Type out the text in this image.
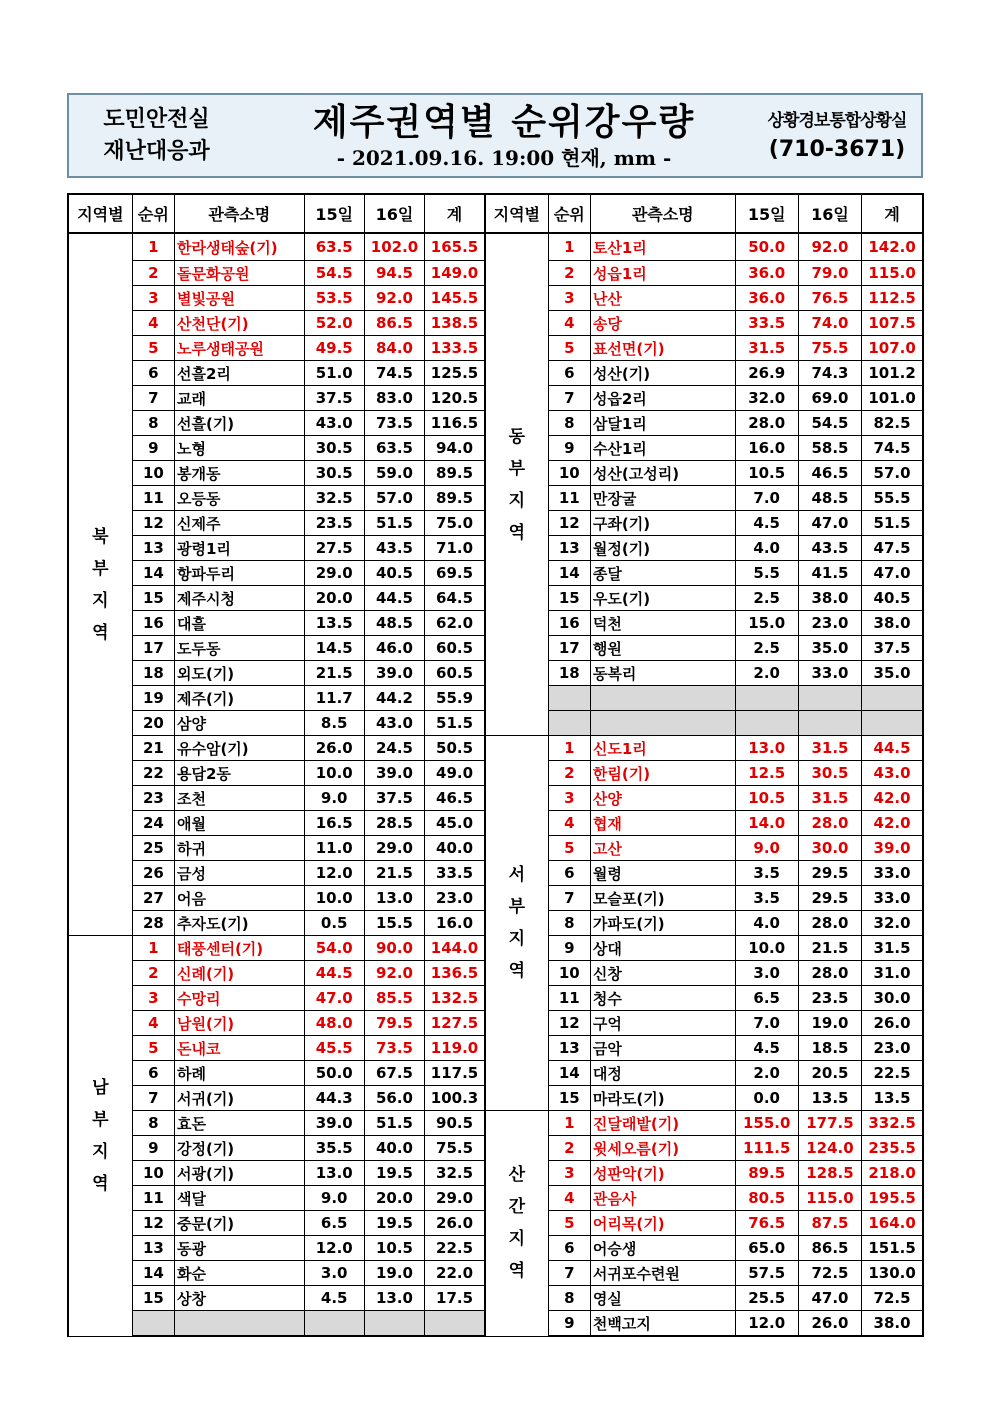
도민안전실
재난대응과
제주권역별 순위강우량
- 2021.09.16. 19:00 현재, mm -
상황경보통합상황실
(710-3671)
지역별	순위	관측소명	15일	16일	계	지역별	순위	관측소명	15일	16일	계
북부지역	1	한라생태숲(기)	63.5	102.0	165.5	동부지역	1	토산1리	50.0	92.0	142.0
	2	돌문화공원	54.5	94.5	149.0		2	성읍1리	36.0	79.0	115.0
	3	별빛공원	53.5	92.0	145.5		3	난산	36.0	76.5	112.5
	4	산천단(기)	52.0	86.5	138.5		4	송당	33.5	74.0	107.5
	5	노루생태공원	49.5	84.0	133.5		5	표선면(기)	31.5	75.5	107.0
	6	선흘2리	51.0	74.5	125.5		6	성산(기)	26.9	74.3	101.2
	7	교래	37.5	83.0	120.5		7	성읍2리	32.0	69.0	101.0
	8	선흘(기)	43.0	73.5	116.5		8	삼달1리	28.0	54.5	82.5
	9	노형	30.5	63.5	94.0		9	수산1리	16.0	58.5	74.5
	10	봉개동	30.5	59.0	89.5		10	성산(고성리)	10.5	46.5	57.0
	11	오등동	32.5	57.0	89.5		11	만장굴	7.0	48.5	55.5
	12	신제주	23.5	51.5	75.0		12	구좌(기)	4.5	47.0	51.5
	13	광령1리	27.5	43.5	71.0		13	월정(기)	4.0	43.5	47.5
	14	항파두리	29.0	40.5	69.5		14	종달	5.5	41.5	47.0
	15	제주시청	20.0	44.5	64.5		15	우도(기)	2.5	38.0	40.5
	16	대흘	13.5	48.5	62.0		16	덕천	15.0	23.0	38.0
	17	도두동	14.5	46.0	60.5		17	행원	2.5	35.0	37.5
	18	외도(기)	21.5	39.0	60.5		18	동복리	2.0	33.0	35.0
	19	제주(기)	11.7	44.2	55.9						
	20	삼양	8.5	43.0	51.5						
	21	유수암(기)	26.0	24.5	50.5	서부지역	1	신도1리	13.0	31.5	44.5
	22	용담2동	10.0	39.0	49.0		2	한림(기)	12.5	30.5	43.0
	23	조천	9.0	37.5	46.5		3	산양	10.5	31.5	42.0
	24	애월	16.5	28.5	45.0		4	협재	14.0	28.0	42.0
	25	하귀	11.0	29.0	40.0		5	고산	9.0	30.0	39.0
	26	금성	12.0	21.5	33.5		6	월령	3.5	29.5	33.0
	27	어음	10.0	13.0	23.0		7	모슬포(기)	3.5	29.5	33.0
	28	추자도(기)	0.5	15.5	16.0		8	가파도(기)	4.0	28.0	32.0
남부지역	1	태풍센터(기)	54.0	90.0	144.0		9	상대	10.0	21.5	31.5
	2	신례(기)	44.5	92.0	136.5		10	신창	3.0	28.0	31.0
	3	수망리	47.0	85.5	132.5		11	청수	6.5	23.5	30.0
	4	남원(기)	48.0	79.5	127.5		12	구억	7.0	19.0	26.0
	5	돈내코	45.5	73.5	119.0		13	금악	4.5	18.5	23.0
	6	하례	50.0	67.5	117.5		14	대정	2.0	20.5	22.5
	7	서귀(기)	44.3	56.0	100.3		15	마라도(기)	0.0	13.5	13.5
	8	효돈	39.0	51.5	90.5	산간지역	1	진달래밭(기)	155.0	177.5	332.5
	9	강정(기)	35.5	40.0	75.5		2	윗세오름(기)	111.5	124.0	235.5
	10	서광(기)	13.0	19.5	32.5		3	성판악(기)	89.5	128.5	218.0
	11	색달	9.0	20.0	29.0		4	관음사	80.5	115.0	195.5
	12	중문(기)	6.5	19.5	26.0		5	어리목(기)	76.5	87.5	164.0
	13	동광	12.0	10.5	22.5		6	어승생	65.0	86.5	151.5
	14	화순	3.0	19.0	22.0		7	서귀포수련원	57.5	72.5	130.0
	15	상창	4.5	13.0	17.5		8	영실	25.5	47.0	72.5
							9	천백고지	12.0	26.0	38.0
